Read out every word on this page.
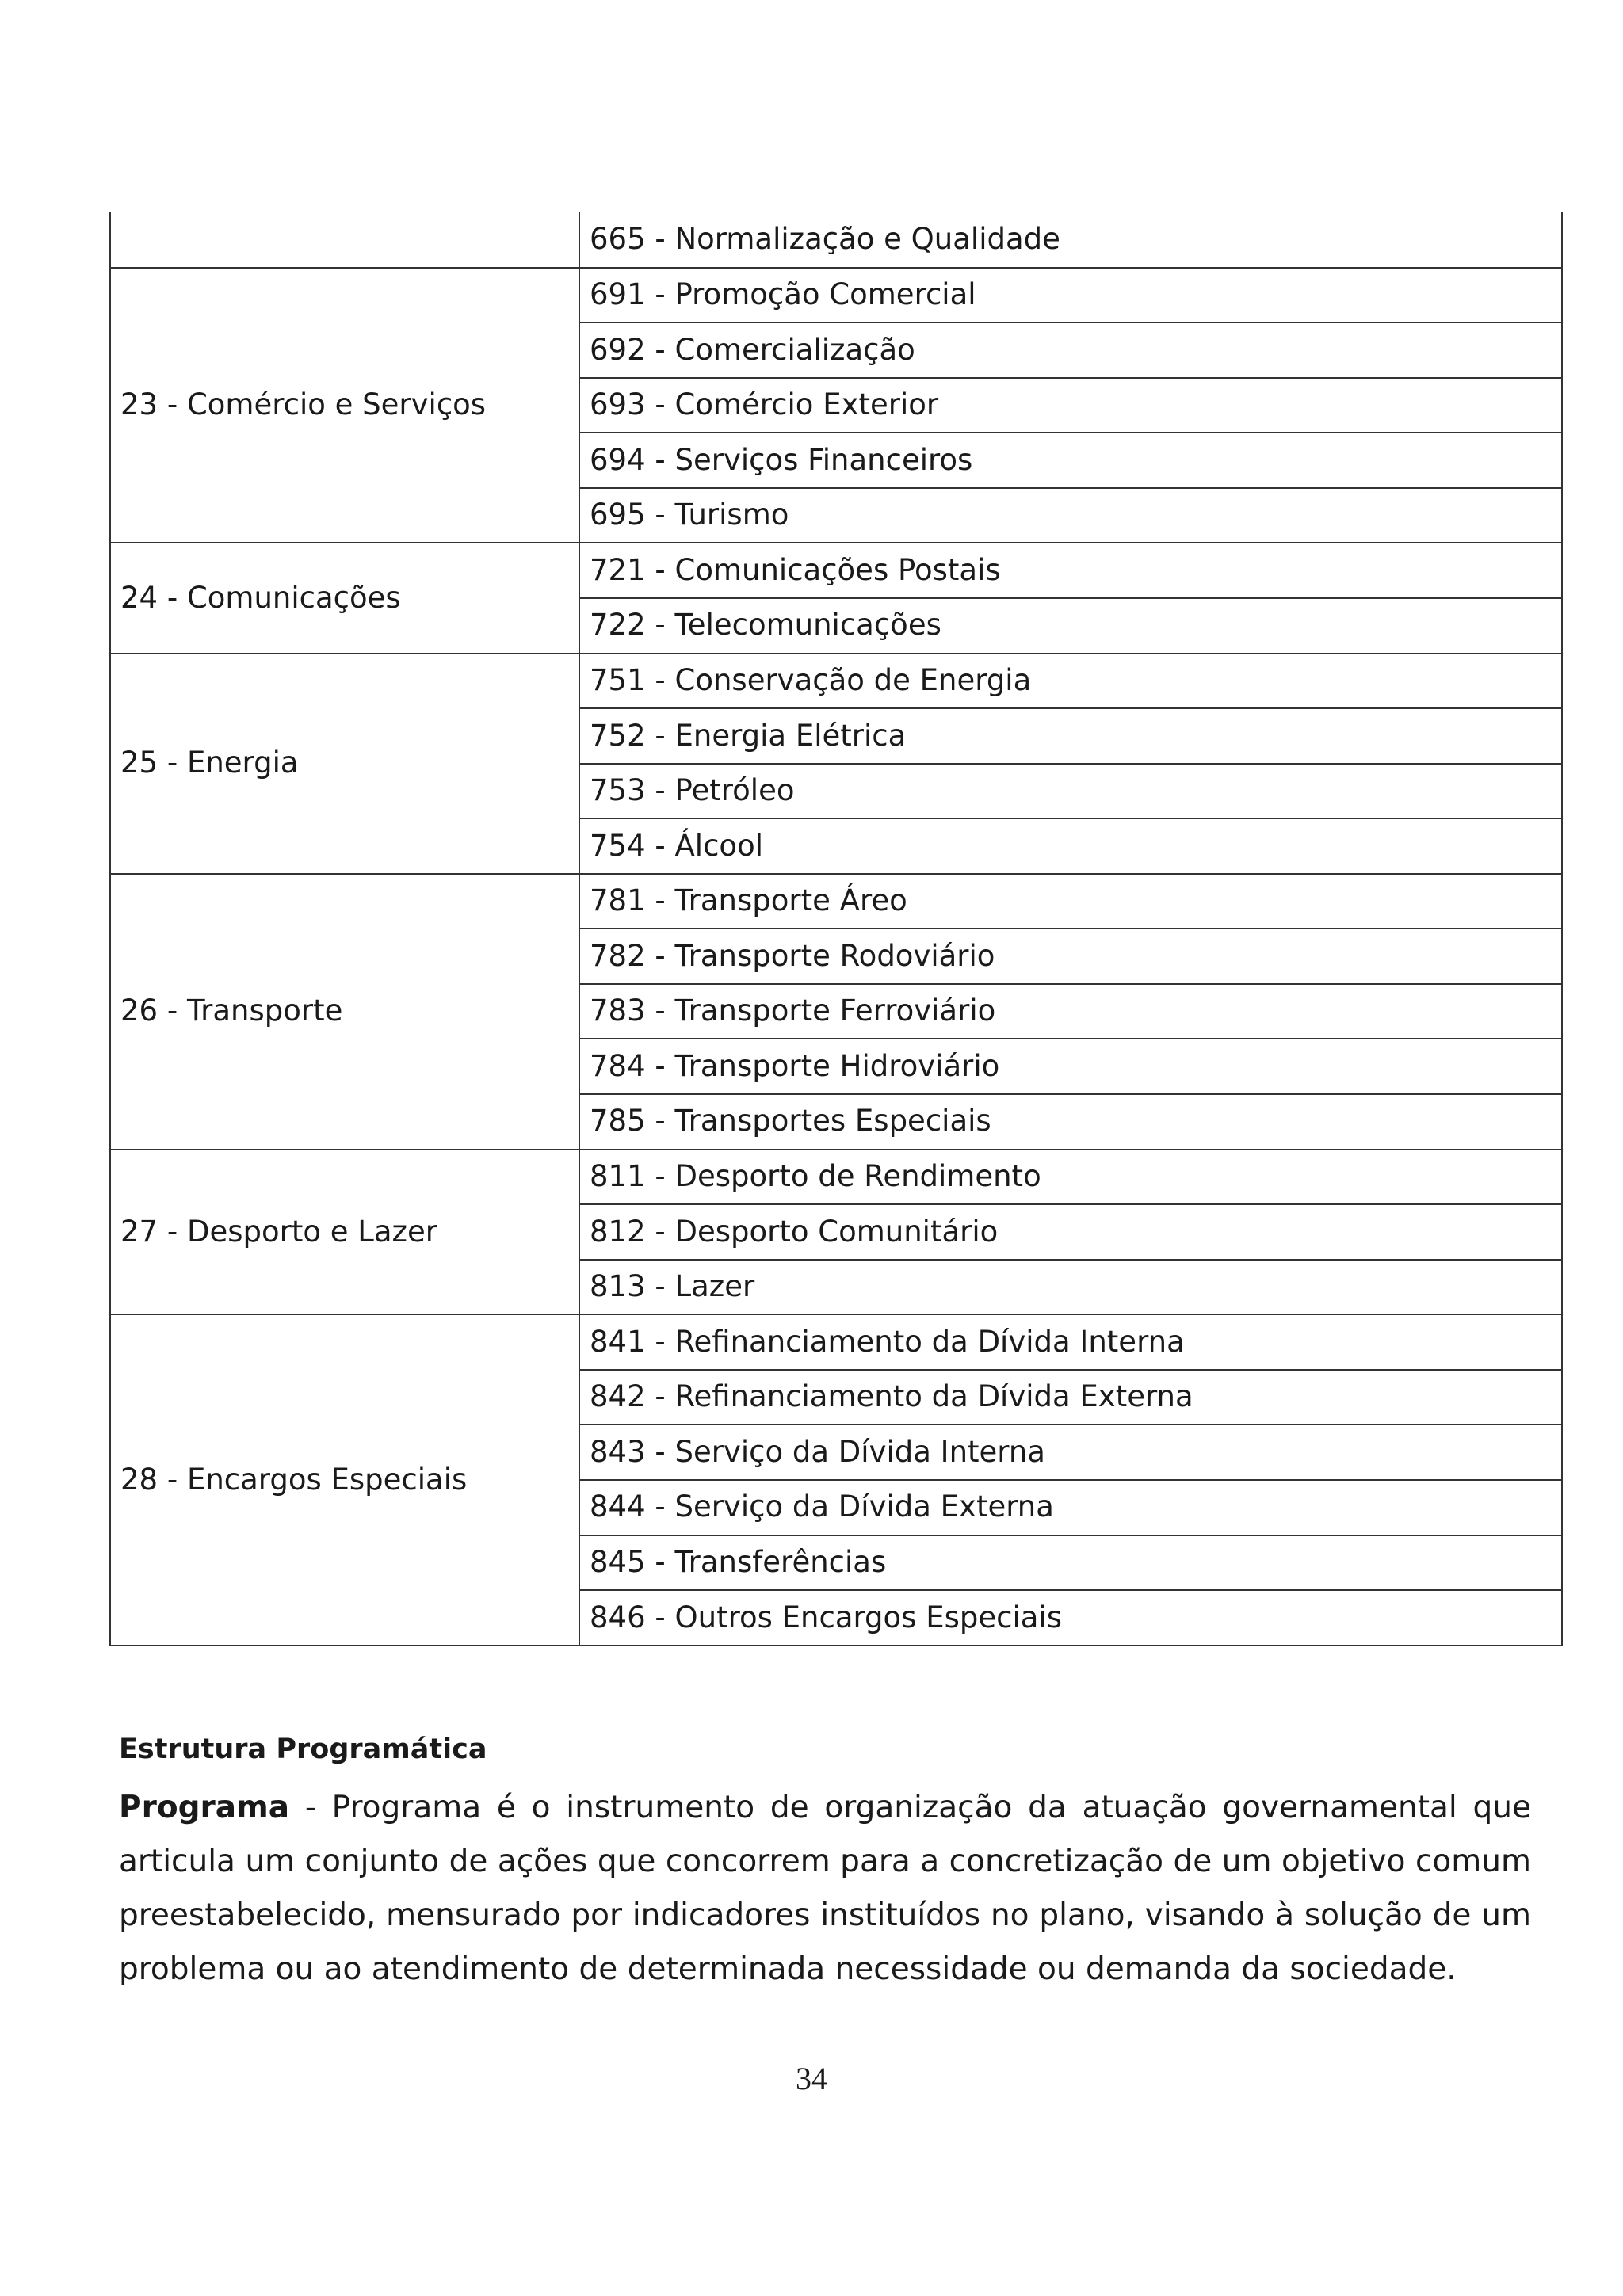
	665 - Normalização e Qualidade
23 - Comércio e Serviços	691 - Promoção Comercial
	692 - Comercialização
	693 - Comércio Exterior
	694 - Serviços Financeiros
	695 - Turismo
24 - Comunicações	721 - Comunicações Postais
	722 - Telecomunicações
25 - Energia	751 - Conservação de Energia
	752 - Energia Elétrica
	753 - Petróleo
	754 - Álcool
26 - Transporte	781 - Transporte Áreo
	782 - Transporte Rodoviário
	783 - Transporte Ferroviário
	784 - Transporte Hidroviário
	785 - Transportes Especiais
27 - Desporto e Lazer	811 - Desporto de Rendimento
	812 - Desporto Comunitário
	813 - Lazer
28 - Encargos Especiais	841 - Refinanciamento da Dívida Interna
	842 - Refinanciamento da Dívida Externa
	843 - Serviço da Dívida Interna
	844 - Serviço da Dívida Externa
	845 - Transferências
	846 - Outros Encargos Especiais
Estrutura Programática

Programa - Programa é o instrumento de organização da atuação governamental que articula um conjunto de ações que concorrem para a concretização de um objetivo comum preestabelecido, mensurado por indicadores instituídos no plano, visando à solução de um problema ou ao atendimento de determinada necessidade ou demanda da sociedade.

34
